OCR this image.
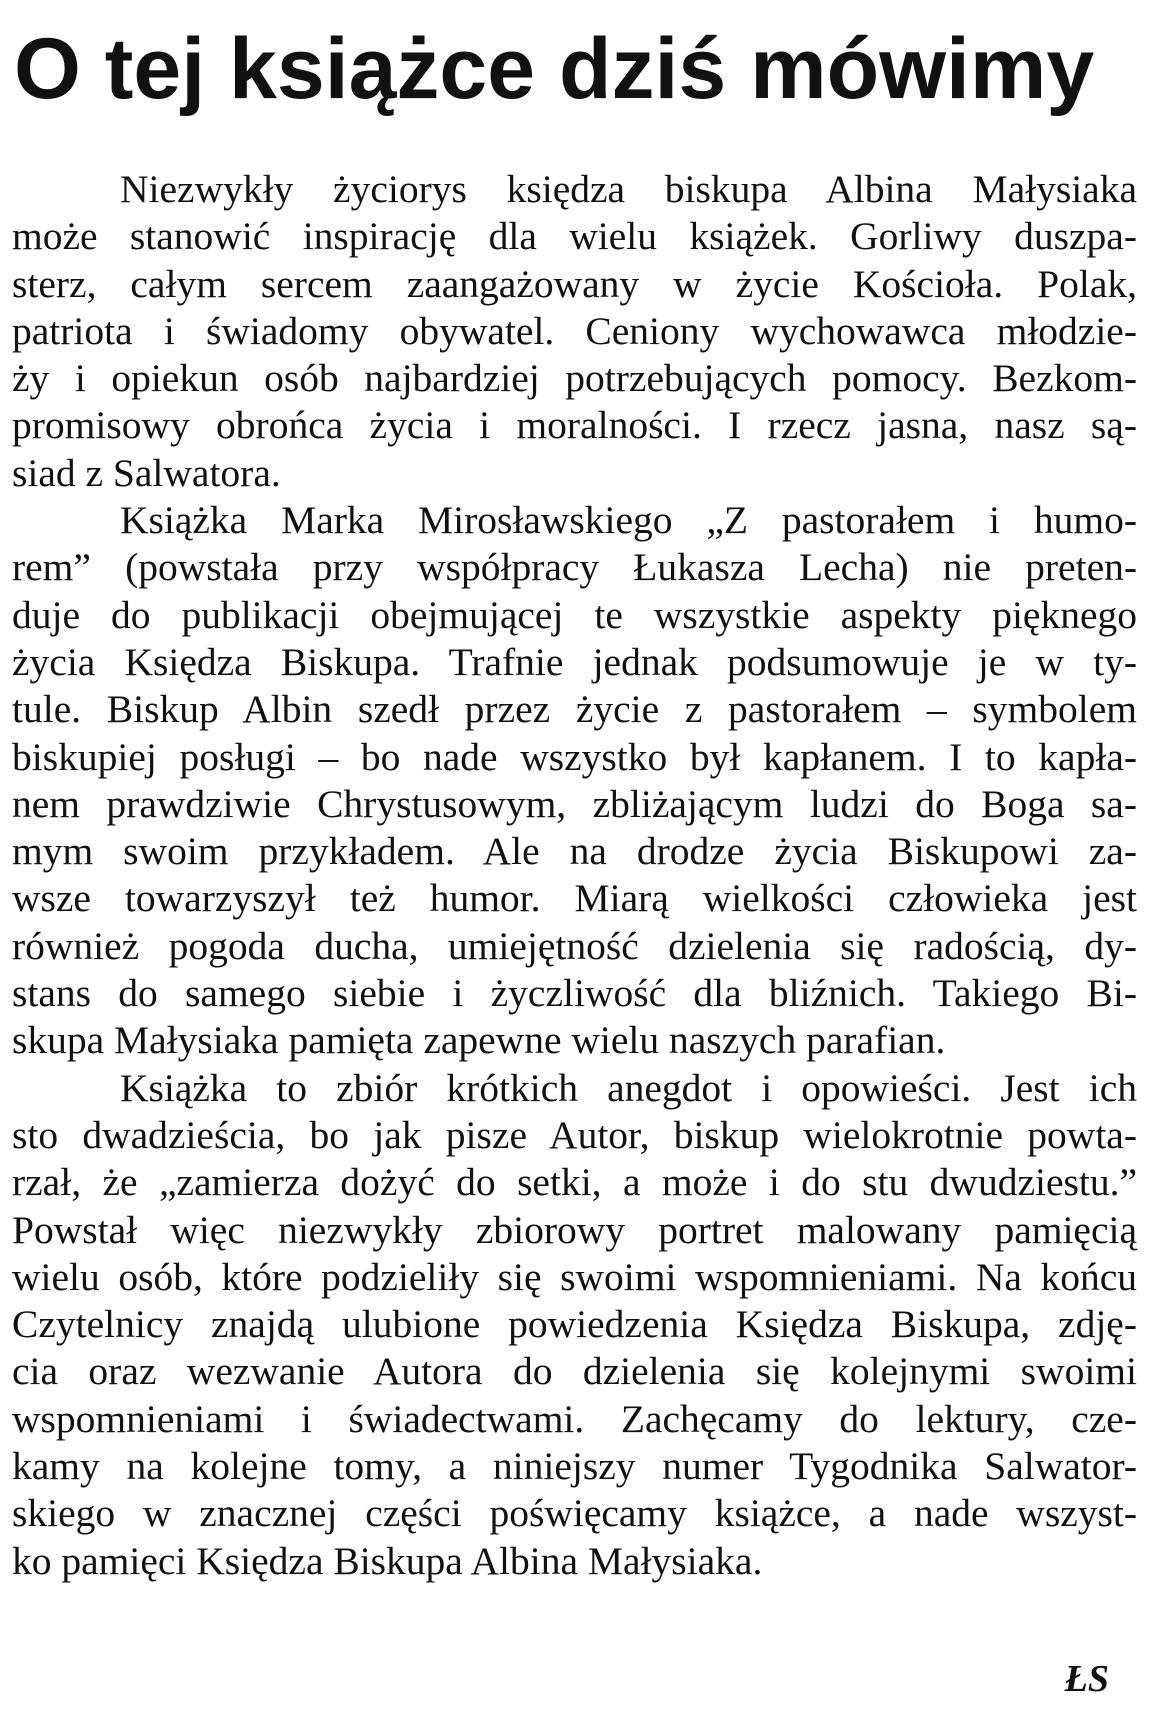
O tej książce dziś mówimy
Niezwykły życiorys księdza biskupa Albina Małysiaka
może stanowić inspirację dla wielu książek. Gorliwy duszpa-
sterz, całym sercem zaangażowany w życie Kościoła. Polak,
patriota i świadomy obywatel. Ceniony wychowawca młodzie-
ży i opiekun osób najbardziej potrzebujących pomocy. Bezkom-
promisowy obrońca życia i moralności. I rzecz jasna, nasz są-
siad z Salwatora.
Książka Marka Mirosławskiego „Z pastorałem i humo-
rem” (powstała przy współpracy Łukasza Lecha) nie preten-
duje do publikacji obejmującej te wszystkie aspekty pięknego
życia Księdza Biskupa. Trafnie jednak podsumowuje je w ty-
tule. Biskup Albin szedł przez życie z pastorałem – symbolem
biskupiej posługi – bo nade wszystko był kapłanem. I to kapła-
nem prawdziwie Chrystusowym, zbliżającym ludzi do Boga sa-
mym swoim przykładem. Ale na drodze życia Biskupowi za-
wsze towarzyszył też humor. Miarą wielkości człowieka jest
również pogoda ducha, umiejętność dzielenia się radością, dy-
stans do samego siebie i życzliwość dla bliźnich. Takiego Bi-
skupa Małysiaka pamięta zapewne wielu naszych parafian.
Książka to zbiór krótkich anegdot i opowieści. Jest ich
sto dwadzieścia, bo jak pisze Autor, biskup wielokrotnie powta-
rzał, że „zamierza dożyć do setki, a może i do stu dwudziestu.”
Powstał więc niezwykły zbiorowy portret malowany pamięcią
wielu osób, które podzieliły się swoimi wspomnieniami. Na końcu
Czytelnicy znajdą ulubione powiedzenia Księdza Biskupa, zdję-
cia oraz wezwanie Autora do dzielenia się kolejnymi swoimi
wspomnieniami i świadectwami. Zachęcamy do lektury, cze-
kamy na kolejne tomy, a niniejszy numer Tygodnika Salwator-
skiego w znacznej części poświęcamy książce, a nade wszyst-
ko pamięci Księdza Biskupa Albina Małysiaka.
ŁS
